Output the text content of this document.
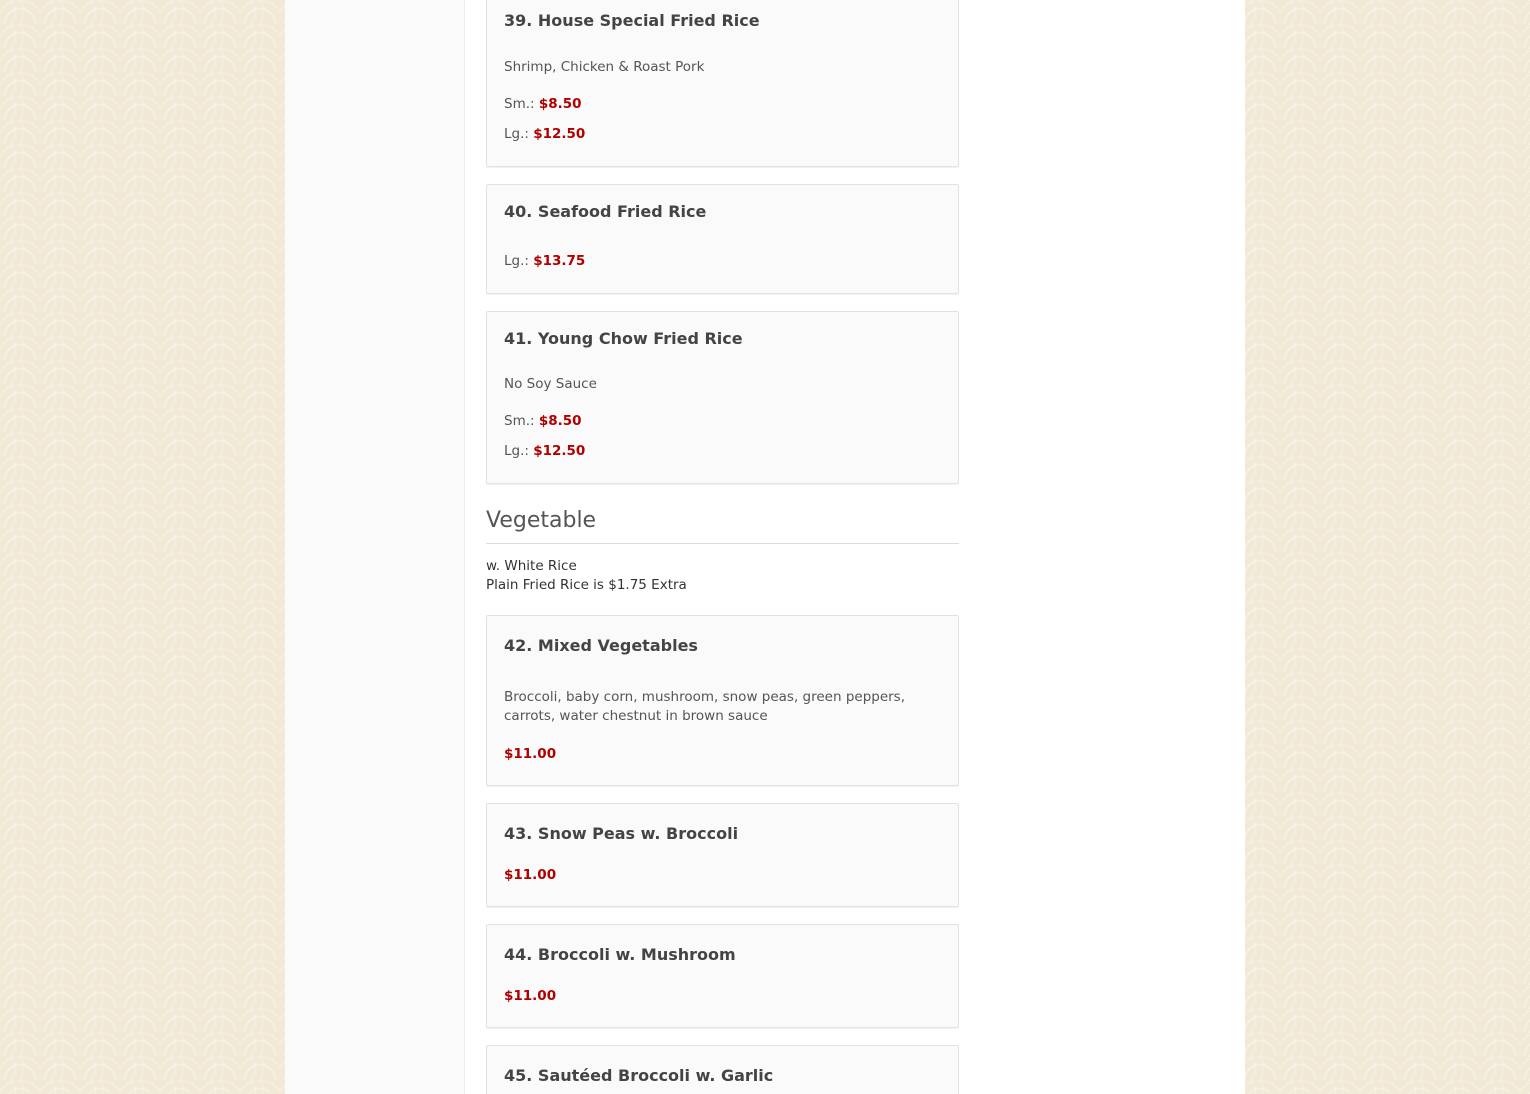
39. House Special Fried Rice
Shrimp, Chicken & Roast Pork
Sm.: $8.50
Lg.: $12.50
40. Seafood Fried Rice
Lg.: $13.75
41. Young Chow Fried Rice
No Soy Sauce
Sm.: $8.50
Lg.: $12.50
Vegetable
w. White Rice
Plain Fried Rice is $1.75 Extra
42. Mixed Vegetables
Broccoli, baby corn, mushroom, snow peas, green peppers, carrots, water chestnut in brown sauce
$11.00
43. Snow Peas w. Broccoli
$11.00
44. Broccoli w. Mushroom
$11.00
45. Sautéed Broccoli w. Garlic
